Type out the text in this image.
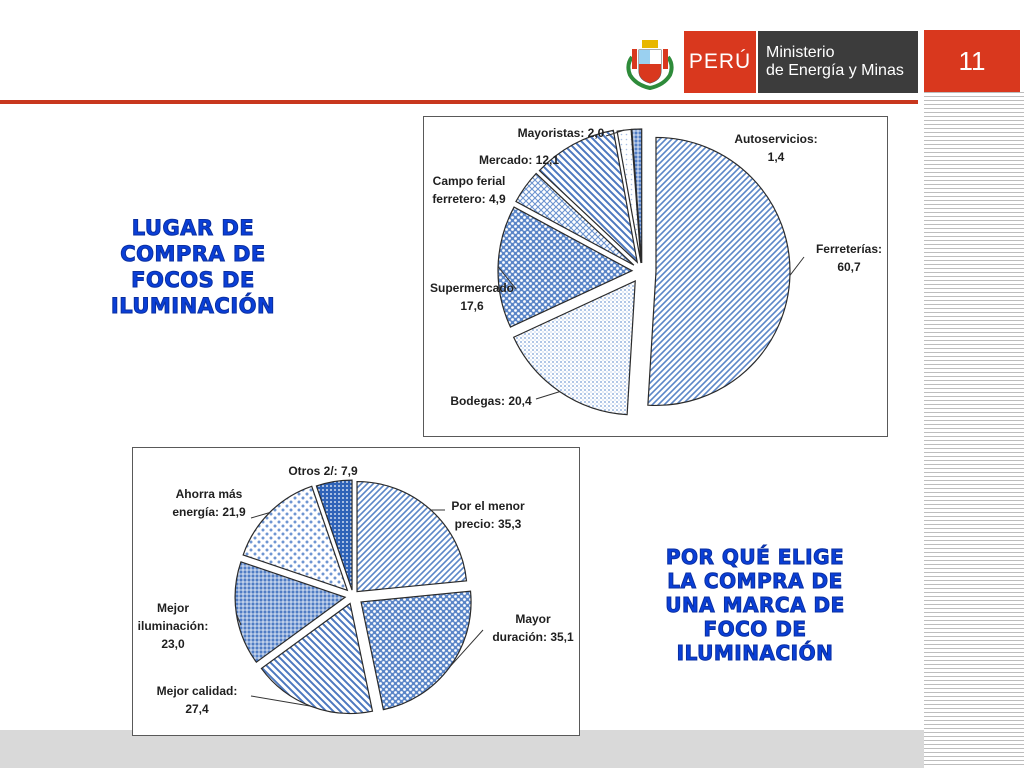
PERÚ Ministerio
de Energía y Minas	11
LUGAR DE
COMPRA DE
FOCOS DE
ILUMINACIÓN
POR QUÉ ELIGE
LA COMPRA DE
UNA MARCA DE
FOCO DE
ILUMINACIÓN
Ferreterías: 60,7
Bodegas: 20,4
Supermercado 17,6
Campo ferial ferretero: 4,9
Mercado: 12,1
Mayoristas: 2,0	Autoservicios: 1,4
Por el menor precio: 35,3
Mayor duración: 35,1
Mejor calidad: 27,4
Mejor iluminación: 23,0
Ahorra más energía: 21,9
Otros 2/: 7,9
